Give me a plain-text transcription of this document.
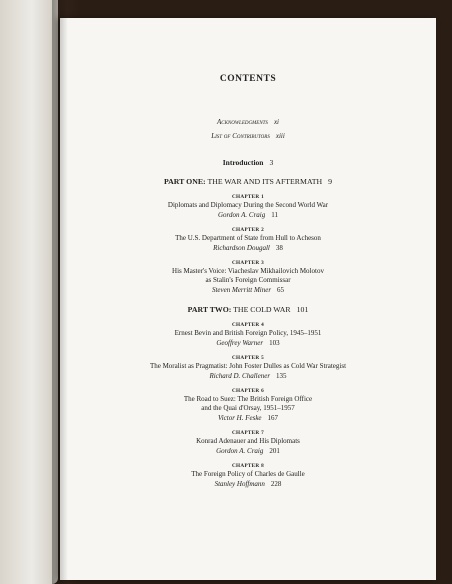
CONTENTS
Acknowledgments xi
List of Contributors xiii
Introduction 3
PART ONE: THE WAR AND ITS AFTERMATH 9
CHAPTER 1
Diplomats and Diplomacy During the Second World War
Gordon A. Craig 11
CHAPTER 2
The U.S. Department of State from Hull to Acheson
Richardson Dougall 38
CHAPTER 3
His Master's Voice: Viacheslav Mikhailovich Molotov
as Stalin's Foreign Commissar
Steven Merritt Miner 65
PART TWO: THE COLD WAR 101
CHAPTER 4
Ernest Bevin and British Foreign Policy, 1945–1951
Geoffrey Warner 103
CHAPTER 5
The Moralist as Pragmatist: John Foster Dulles as Cold War Strategist
Richard D. Challener 135
CHAPTER 6
The Road to Suez: The British Foreign Office
and the Quai d'Orsay, 1951–1957
Victor H. Feske 167
CHAPTER 7
Konrad Adenauer and His Diplomats
Gordon A. Craig 201
CHAPTER 8
The Foreign Policy of Charles de Gaulle
Stanley Hoffmann 228
